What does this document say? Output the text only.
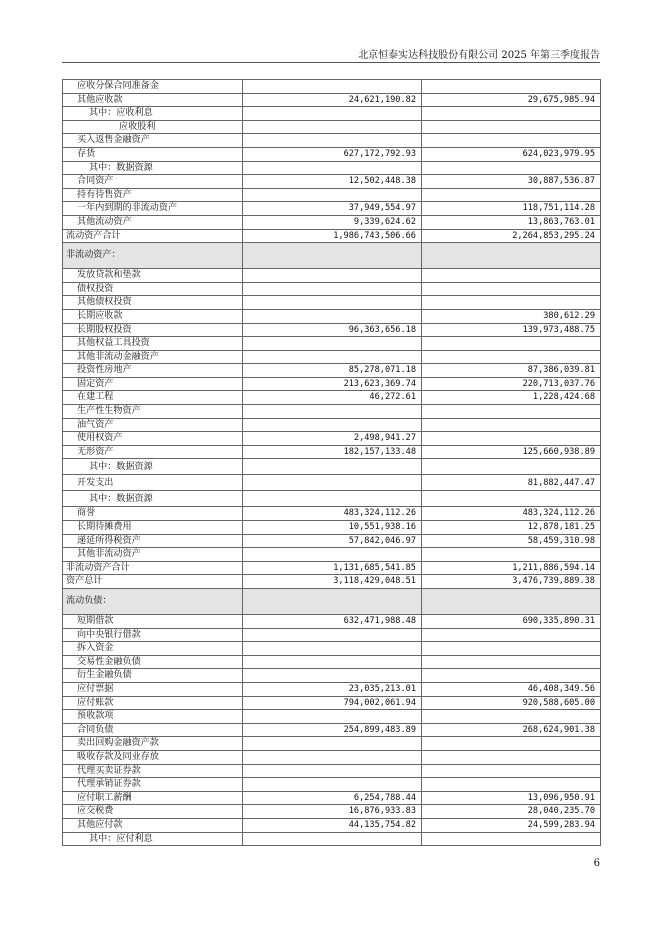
北京恒泰实达科技股份有限公司 2025 年第三季度报告
应收分保合同准备金		
其他应收款	24,621,190.82	29,675,985.94
其中：应收利息		
应收股利		
买入返售金融资产		
存货	627,172,792.93	624,023,979.95
其中：数据资源		
合同资产	12,502,448.38	30,887,536.87
持有待售资产		
一年内到期的非流动资产	37,949,554.97	118,751,114.28
其他流动资产	9,339,624.62	13,863,763.01
流动资产合计	1,986,743,506.66	2,264,853,295.24
非流动资产：		
发放贷款和垫款		
债权投资		
其他债权投资		
长期应收款		380,612.29
长期股权投资	96,363,656.18	139,973,488.75
其他权益工具投资		
其他非流动金融资产		
投资性房地产	85,278,071.18	87,386,039.81
固定资产	213,623,369.74	220,713,037.76
在建工程	46,272.61	1,228,424.68
生产性生物资产		
油气资产		
使用权资产	2,498,941.27	
无形资产	182,157,133.48	125,660,938.89
其中：数据资源		
开发支出		81,882,447.47
其中：数据资源		
商誉	483,324,112.26	483,324,112.26
长期待摊费用	10,551,938.16	12,878,181.25
递延所得税资产	57,842,046.97	58,459,310.98
其他非流动资产		
非流动资产合计	1,131,685,541.85	1,211,886,594.14
资产总计	3,118,429,048.51	3,476,739,889.38
流动负债：		
短期借款	632,471,988.48	690,335,890.31
向中央银行借款		
拆入资金		
交易性金融负债		
衍生金融负债		
应付票据	23,035,213.01	46,408,349.56
应付账款	794,002,061.94	920,588,605.00
预收款项		
合同负债	254,899,483.89	268,624,901.38
卖出回购金融资产款		
吸收存款及同业存放		
代理买卖证券款		
代理承销证券款		
应付职工薪酬	6,254,788.44	13,096,950.91
应交税费	16,876,933.83	28,040,235.70
其他应付款	44,135,754.82	24,599,283.94
其中：应付利息		
6
